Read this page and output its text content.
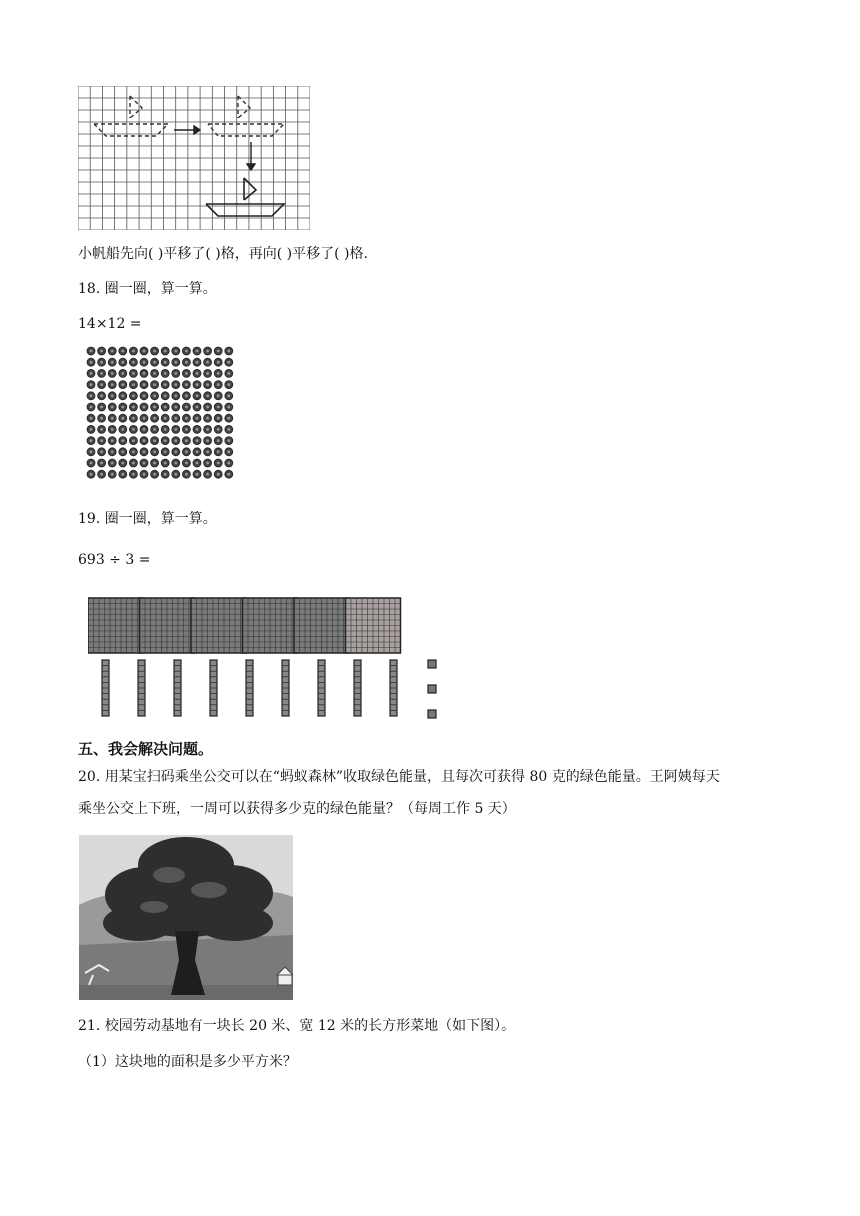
小帆船先向( )平移了( )格，再向( )平移了( )格.
18. 圈一圈，算一算。
14×12 =
19. 圈一圈，算一算。
693 ÷ 3 =
五、我会解决问题。
20. 用某宝扫码乘坐公交可以在“蚂蚁森林”收取绿色能量，且每次可获得 80 克的绿色能量。王阿姨每天
乘坐公交上下班，一周可以获得多少克的绿色能量？（每周工作 5 天）
21. 校园劳动基地有一块长 20 米、宽 12 米的长方形菜地（如下图）。
（1）这块地的面积是多少平方米？
